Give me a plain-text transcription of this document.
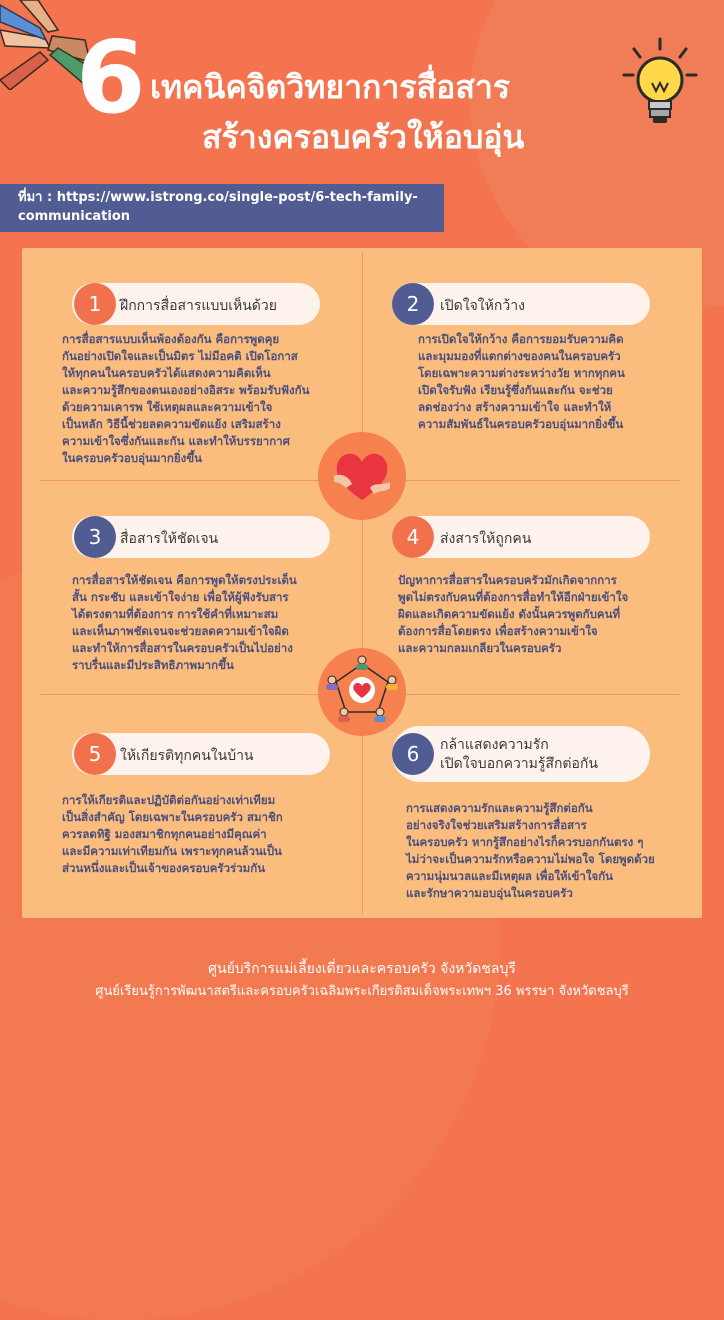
6 เทคนิคจิตวิทยาการสื่อสาร
สร้างครอบครัวให้อบอุ่น
ที่มา : https://www.istrong.co/single-post/6-tech-family-communication
ฝึกการสื่อสารแบบเห็นด้วย
1
การสื่อสารแบบเห็นพ้องต้องกัน คือการพูดคุย
กันอย่างเปิดใจและเป็นมิตร ไม่มีอคติ เปิดโอกาส
ให้ทุกคนในครอบครัวได้แสดงความคิดเห็น
และความรู้สึกของตนเองอย่างอิสระ พร้อมรับฟังกัน
ด้วยความเคารพ ใช้เหตุผลและความเข้าใจ
เป็นหลัก วิธีนี้ช่วยลดความขัดแย้ง เสริมสร้าง
ความเข้าใจซึ่งกันและกัน และทำให้บรรยากาศ
ในครอบครัวอบอุ่นมากยิ่งขึ้น
เปิดใจให้กว้าง
2
การเปิดใจให้กว้าง คือการยอมรับความคิด
และมุมมองที่แตกต่างของคนในครอบครัว
โดยเฉพาะความต่างระหว่างวัย หากทุกคน
เปิดใจรับฟัง เรียนรู้ซึ่งกันและกัน จะช่วย
ลดช่องว่าง สร้างความเข้าใจ และทำให้
ความสัมพันธ์ในครอบครัวอบอุ่นมากยิ่งขึ้น
สื่อสารให้ชัดเจน
3
การสื่อสารให้ชัดเจน คือการพูดให้ตรงประเด็น
สั้น กระชับ และเข้าใจง่าย เพื่อให้ผู้ฟังรับสาร
ได้ตรงตามที่ต้องการ การใช้คำที่เหมาะสม
และเห็นภาพชัดเจนจะช่วยลดความเข้าใจผิด
และทำให้การสื่อสารในครอบครัวเป็นไปอย่าง
ราบรื่นและมีประสิทธิภาพมากขึ้น
ส่งสารให้ถูกคน
4
ปัญหาการสื่อสารในครอบครัวมักเกิดจากการ
พูดไม่ตรงกับคนที่ต้องการสื่อทำให้อีกฝ่ายเข้าใจ
ผิดและเกิดความขัดแย้ง ดังนั้นควรพูดกับคนที่
ต้องการสื่อโดยตรง เพื่อสร้างความเข้าใจ
และความกลมเกลียวในครอบครัว
ให้เกียรติทุกคนในบ้าน
5
การให้เกียรติและปฏิบัติต่อกันอย่างเท่าเทียม
เป็นสิ่งสำคัญ โดยเฉพาะในครอบครัว สมาชิก
ควรลดทิฐิ มองสมาชิกทุกคนอย่างมีคุณค่า
และมีความเท่าเทียมกัน เพราะทุกคนล้วนเป็น
ส่วนหนึ่งและเป็นเจ้าของครอบครัวร่วมกัน
กล้าแสดงความรัก
เปิดใจบอกความรู้สึกต่อกัน
6
การแสดงความรักและความรู้สึกต่อกัน
อย่างจริงใจช่วยเสริมสร้างการสื่อสาร
ในครอบครัว หากรู้สึกอย่างไรก็ควรบอกกันตรง ๆ
ไม่ว่าจะเป็นความรักหรือความไม่พอใจ โดยพูดด้วย
ความนุ่มนวลและมีเหตุผล เพื่อให้เข้าใจกัน
และรักษาความอบอุ่นในครอบครัว
ศูนย์บริการแม่เลี้ยงเดี่ยวและครอบครัว จังหวัดชลบุรี
ศูนย์เรียนรู้การพัฒนาสตรีและครอบครัวเฉลิมพระเกียรติสมเด็จพระเทพฯ 36 พรรษา จังหวัดชลบุรี
